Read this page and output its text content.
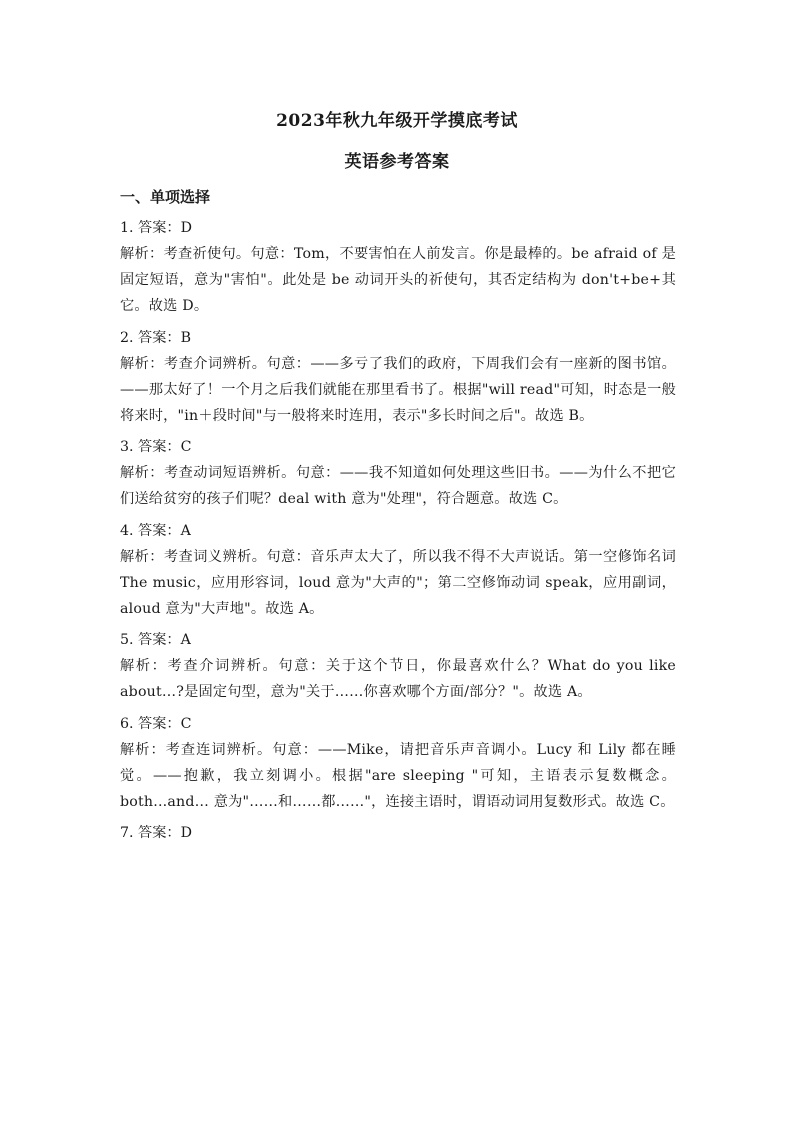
2023年秋九年级开学摸底考试
英语参考答案
一、单项选择
1. 答案：D
解析：考查祈使句。句意：Tom，不要害怕在人前发言。你是最棒的。be afraid of 是固定短语，意为"害怕"。此处是 be 动词开头的祈使句，其否定结构为 don't+be+其它。故选 D。
2. 答案：B
解析：考查介词辨析。句意：——多亏了我们的政府，下周我们会有一座新的图书馆。——那太好了！一个月之后我们就能在那里看书了。根据"will read"可知，时态是一般将来时，"in＋段时间"与一般将来时连用，表示"多长时间之后"。故选 B。
3. 答案：C
解析：考查动词短语辨析。句意：——我不知道如何处理这些旧书。——为什么不把它们送给贫穷的孩子们呢？deal with 意为"处理"，符合题意。故选 C。
4. 答案：A
解析：考查词义辨析。句意：音乐声太大了，所以我不得不大声说话。第一空修饰名词 The music，应用形容词，loud 意为"大声的"；第二空修饰动词 speak，应用副词，aloud 意为"大声地"。故选 A。
5. 答案：A
解析：考查介词辨析。句意：关于这个节日，你最喜欢什么？What do you like about…?是固定句型，意为"关于……你喜欢哪个方面/部分？"。故选 A。
6. 答案：C
解析：考查连词辨析。句意：——Mike，请把音乐声音调小。Lucy 和 Lily 都在睡觉。——抱歉，我立刻调小。根据"are sleeping "可知，主语表示复数概念。both...and… 意为"……和……都……"，连接主语时，谓语动词用复数形式。故选 C。
7. 答案：D
